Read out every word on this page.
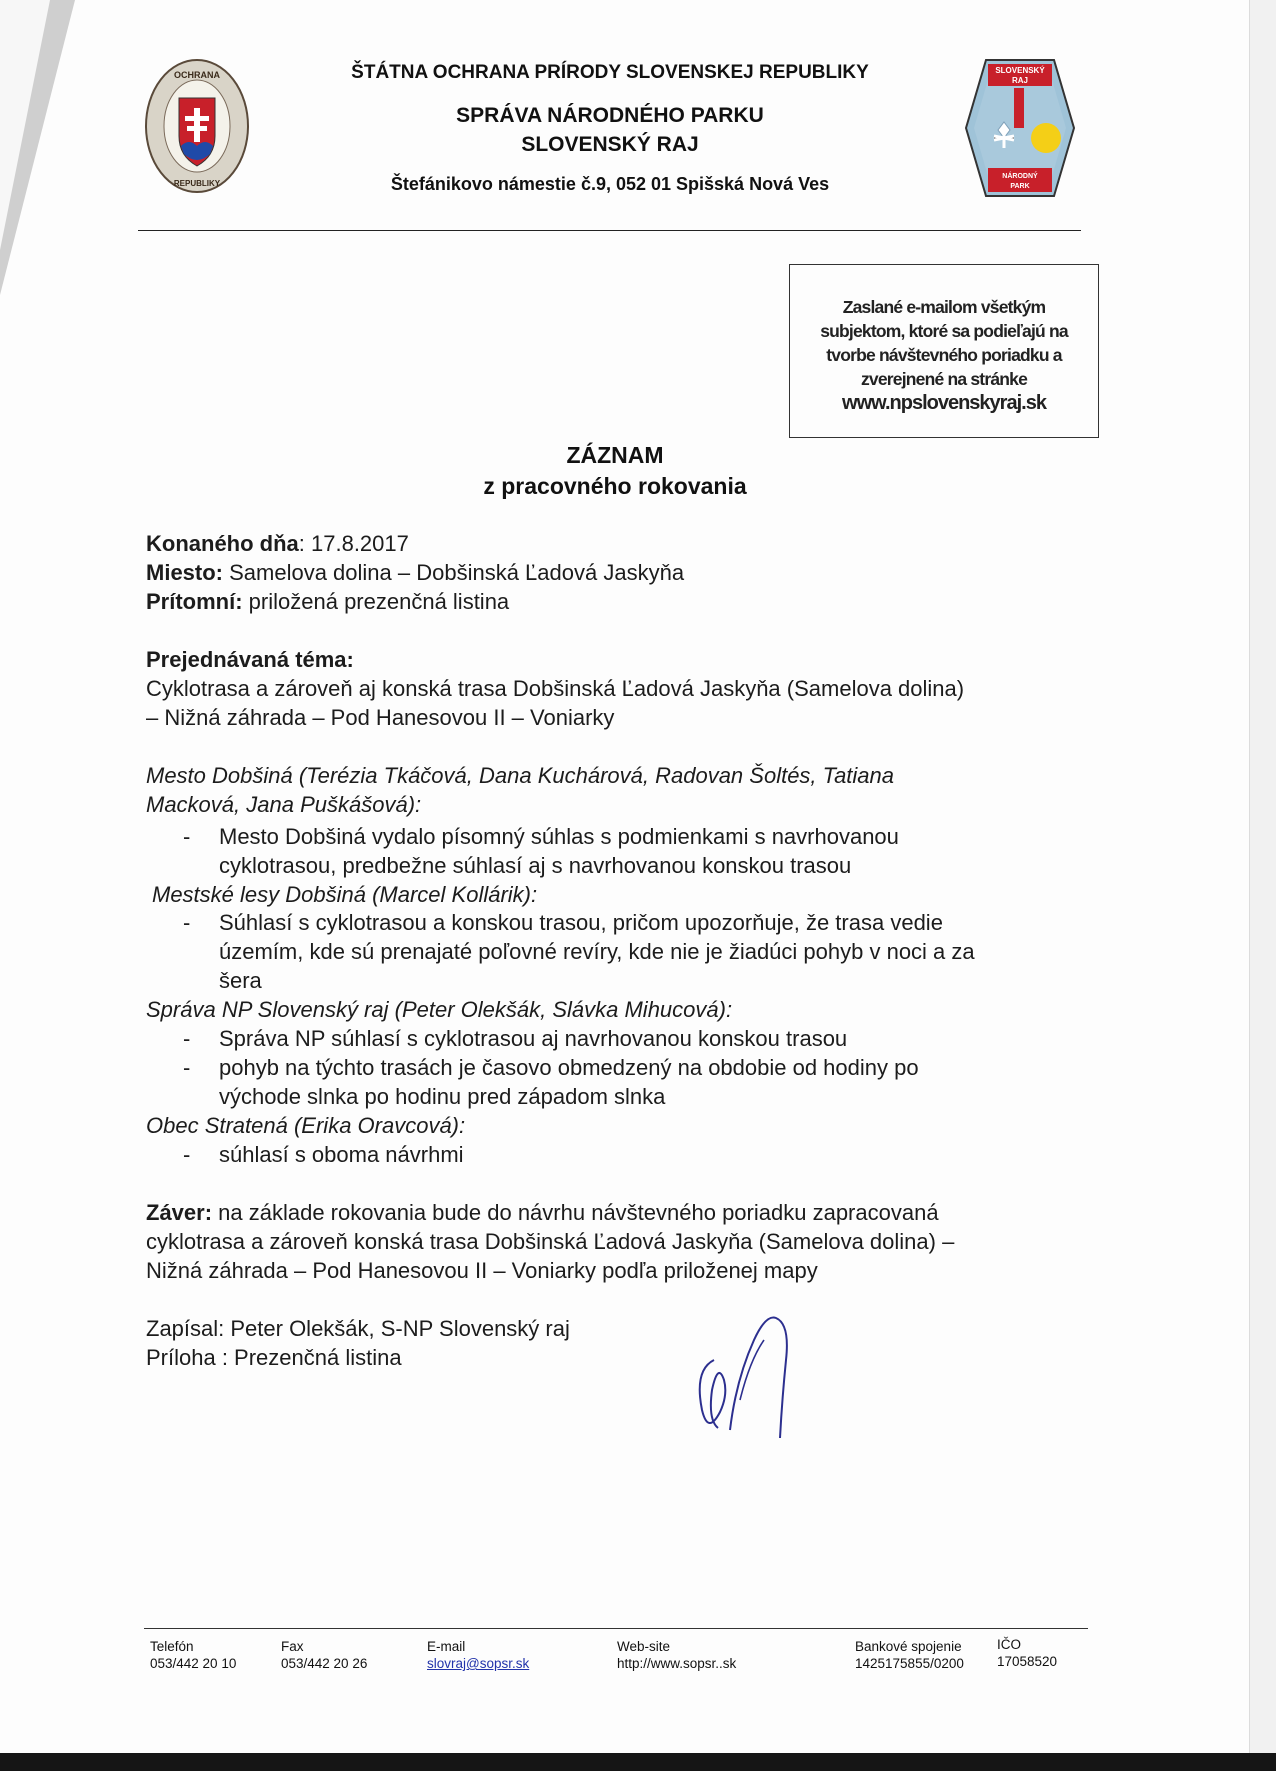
OCHRANA
REPUBLIKY
SLOVENSKÝ
RAJ
NÁRODNÝ
PARK
ŠTÁTNA OCHRANA PRÍRODY SLOVENSKEJ REPUBLIKY
SPRÁVA NÁRODNÉHO PARKU
SLOVENSKÝ RAJ
Štefánikovo námestie č.9, 052 01 Spišská Nová Ves
Zaslané e-mailom všetkým
subjektom, ktoré sa podieľajú na
tvorbe návštevného poriadku a
zverejnené na stránke
www.npslovenskyraj.sk
ZÁZNAM
z pracovného rokovania
Konaného dňa: 17.8.2017
Miesto: Samelova dolina – Dobšinská Ľadová Jaskyňa
Prítomní: priložená prezenčná listina
Prejednávaná téma:
Cyklotrasa a zároveň aj konská trasa Dobšinská Ľadová Jaskyňa (Samelova dolina)
– Nižná záhrada – Pod Hanesovou II – Voniarky
Mesto Dobšiná (Terézia Tkáčová, Dana Kuchárová, Radovan Šoltés, Tatiana
Macková, Jana Puškášová):
- Mesto Dobšiná vydalo písomný súhlas s podmienkami s navrhovanou
cyklotrasou, predbežne súhlasí aj s navrhovanou konskou trasou
Mestské lesy Dobšiná (Marcel Kollárik):
- Súhlasí s cyklotrasou a konskou trasou, pričom upozorňuje, že trasa vedie
územím, kde sú prenajaté poľovné revíry, kde nie je žiadúci pohyb v noci a za
šera
Správa NP Slovenský raj (Peter Olekšák, Slávka Mihucová):
- Správa NP súhlasí s cyklotrasou aj navrhovanou konskou trasou
- pohyb na týchto trasách je časovo obmedzený na obdobie od hodiny po
východe slnka po hodinu pred západom slnka
Obec Stratená (Erika Oravcová):
- súhlasí s oboma návrhmi
Záver: na základe rokovania bude do návrhu návštevného poriadku zapracovaná
cyklotrasa a zároveň konská trasa Dobšinská Ľadová Jaskyňa (Samelova dolina) –
Nižná záhrada – Pod Hanesovou II – Voniarky podľa priloženej mapy
Zapísal: Peter Olekšák, S-NP Slovenský raj
Príloha : Prezenčná listina
Telefón
053/442 20 10
Fax
053/442 20 26
E-mail
slovraj@sopsr.sk
Web-site
http://www.sopsr..sk
Bankové spojenie
1425175855/0200
IČO
17058520
